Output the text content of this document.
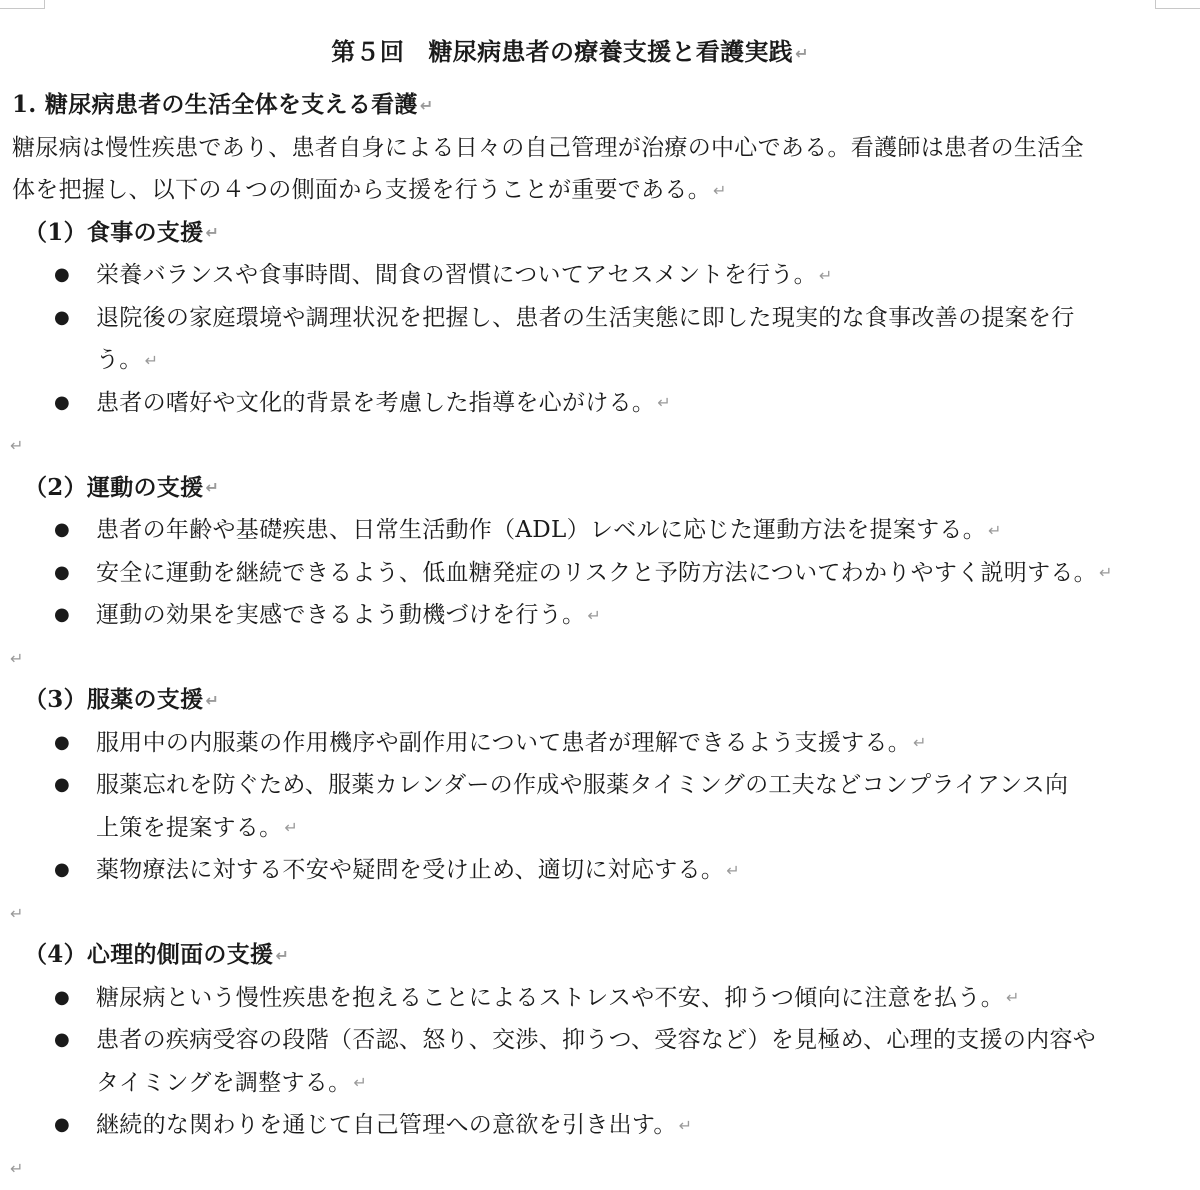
第５回　糖尿病患者の療養支援と看護実践 ↵
1. 糖尿病患者の生活全体を支える看護 ↵
糖尿病は慢性疾患であり、患者自身による日々の自己管理が治療の中心である。看護師は患者の生活全
体を把握し、以下の４つの側面から支援を行うことが重要である。 ↵
（1）食事の支援 ↵
● 栄養バランスや食事時間、間食の習慣についてアセスメントを行う。 ↵
● 退院後の家庭環境や調理状況を把握し、患者の生活実態に即した現実的な食事改善の提案を行
う。 ↵
● 患者の嗜好や文化的背景を考慮した指導を心がける。 ↵
↵
（2）運動の支援 ↵
● 患者の年齢や基礎疾患、日常生活動作（ADL）レベルに応じた運動方法を提案する。 ↵
● 安全に運動を継続できるよう、低血糖発症のリスクと予防方法についてわかりやすく説明する。 ↵
● 運動の効果を実感できるよう動機づけを行う。 ↵
↵
（3）服薬の支援 ↵
● 服用中の内服薬の作用機序や副作用について患者が理解できるよう支援する。 ↵
● 服薬忘れを防ぐため、服薬カレンダーの作成や服薬タイミングの工夫などコンプライアンス向
上策を提案する。 ↵
● 薬物療法に対する不安や疑問を受け止め、適切に対応する。 ↵
↵
（4）心理的側面の支援 ↵
● 糖尿病という慢性疾患を抱えることによるストレスや不安、抑うつ傾向に注意を払う。 ↵
● 患者の疾病受容の段階（否認、怒り、交渉、抑うつ、受容など）を見極め、心理的支援の内容や
タイミングを調整する。 ↵
● 継続的な関わりを通じて自己管理への意欲を引き出す。 ↵
↵
